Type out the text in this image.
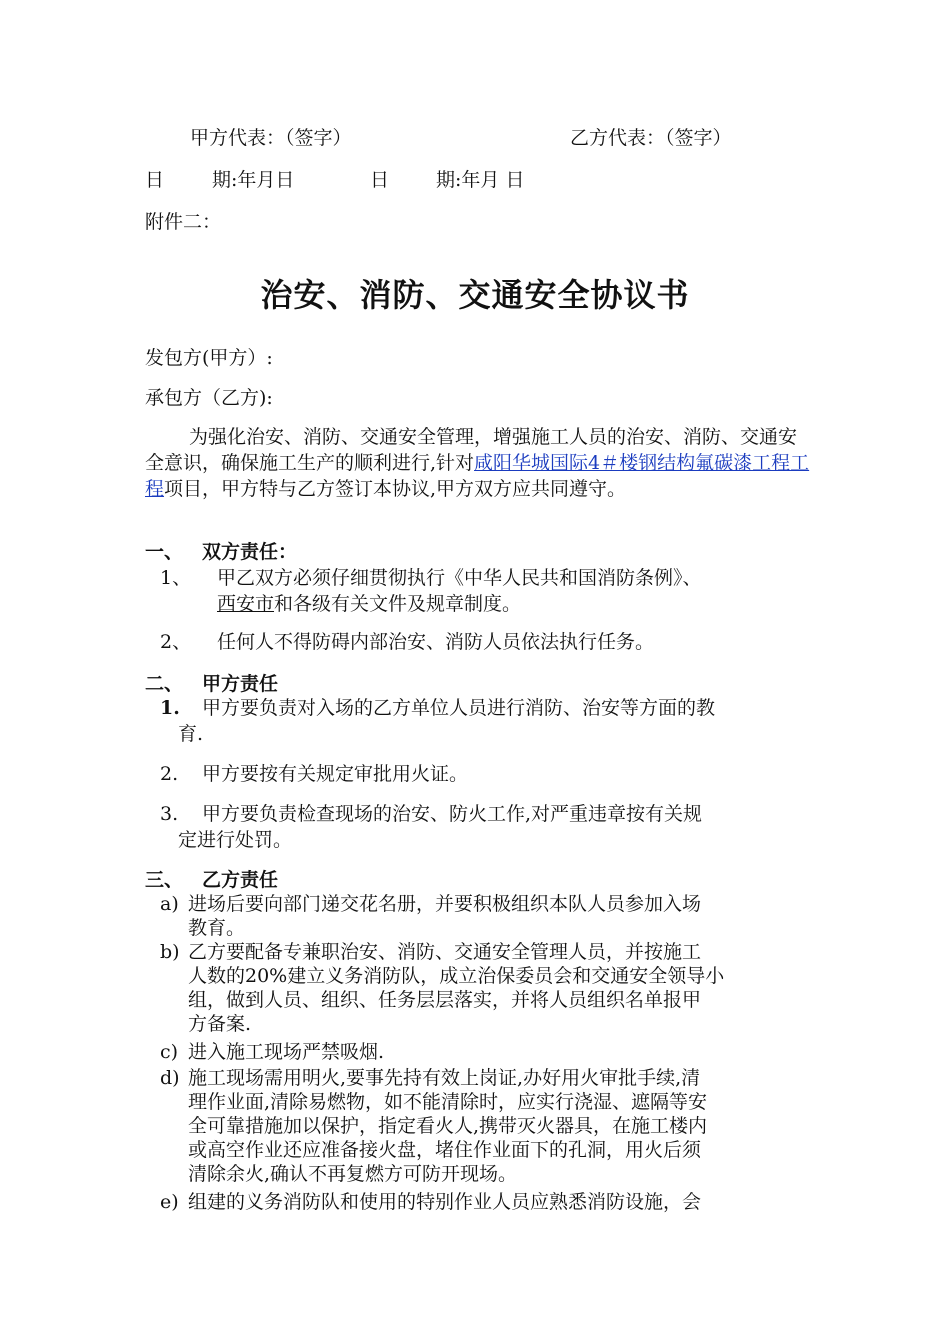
甲方代表：（签字）	乙方代表：（签字）
日	期:年月日	日 期:年月 日
附件二：
治安、消防、交通安全协议书
发包方(甲方）:
承包方（乙方):
为强化治安、消防、交通安全管理，增强施工人员的治安、消防、交通安全意识，确保施工生产的顺利进行,针对咸阳华城国际4＃楼钢结构氟碳漆工程工程项目，甲方特与乙方签订本协议,甲方双方应共同遵守。
一、 双方责任：
1、 甲乙双方必须仔细贯彻执行《中华人民共和国消防条例》、
西安市和各级有关文件及规章制度。
2、 任何人不得防碍内部治安、消防人员依法执行任务。
二、 甲方责任
1. 甲方要负责对入场的乙方单位人员进行消防、治安等方面的教
育.
2. 甲方要按有关规定审批用火证。
3. 甲方要负责检查现场的治安、防火工作,对严重违章按有关规
定进行处罚。
三、 乙方责任
a) 进场后要向部门递交花名册，并要积极组织本队人员参加入场
教育。
b) 乙方要配备专兼职治安、消防、交通安全管理人员，并按施工
人数的20%建立义务消防队，成立治保委员会和交通安全领导小
组，做到人员、组织、任务层层落实，并将人员组织名单报甲
方备案.
c) 进入施工现场严禁吸烟.
d) 施工现场需用明火,要事先持有效上岗证,办好用火审批手续,清
理作业面,清除易燃物，如不能清除时，应实行浇湿、遮隔等安
全可靠措施加以保护，指定看火人,携带灭火器具，在施工楼内
或高空作业还应准备接火盘，堵住作业面下的孔洞，用火后须
清除余火,确认不再复燃方可防开现场。
e) 组建的义务消防队和使用的特别作业人员应熟悉消防设施，会
